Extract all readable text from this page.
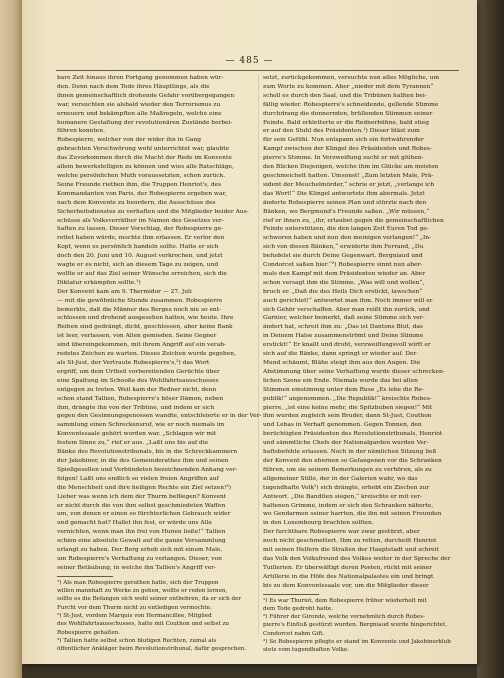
— 485 —
bare Zeit hinaus ihren Fortgang genommen haben wür-
den. Denn nach dem Tode ihres Häuptlings, als die
ihnen gemeinschaftlich drohende Gefahr vorübergegangen
war, versuchten sie alsbald wieder den Terrorismus zu
erneuern und bekämpften alle Maßregeln, welche eine
humanere Gestaltung der revolutionären Zustände herbei-
führen konnten.
Robespierre, welcher von der wider ihn in Gang
gebrachten Verschwörung wohl unterrichtet war, glaubte
das Zuvorkommen durch die Macht der Rede im Konvente
allein bewerkstelligen zu können und wies alle Ratschläge,
welche persönlichen Muth voraussetzten, schon zurück.
Seine Freunde riethen ihm, die Truppen Henriot's, des
Kommandanten von Paris, der Robespierre ergeben war,
nach dem Konvente zu beordern, die Ausschüsse des
Sicherheitsdienstes zu verhaften und die Mitglieder beider Aus-
schüsse als Volksverräther im Namen des Gesetzes ver-
haften zu lassen. Dieser Vorschlag, der Robespierre ge-
rettet haben würde, mochte ihm erlassen. Er verlor den
Kopf, wenn es persönlich handeln sollte. Hatte er sich
doch den 20. Juni und 10. August verkrochen, und jetzt
wagte er es nicht, sich an diesem Tage zu zeigen, und
wollte er auf das Ziel seiner Wünsche erreichen, sich die
Diktatur erkämpfen sollte.¹)
Der Konvent kam am 9. Thermidor — 27. Juli
— mit die gewöhnliche Stunde zusammen. Robespierre
bemerkte, daß die Männer des Berges noch nie so ent-
schlossen und drohend ausgesehen hatten, wie heute. Ihre
Reihen sind gedrängt, dicht, geschlossen, aber keine Bank
ist leer, verlassen, von Allen gemieden. Seine Gegner
sind übereingekommen, mit ihrem Angriff auf ein verab-
redetes Zeichen zu warten. Dieses Zeichen wurde gegeben,
als St-Just, der Vertraute Robespierre's,²) das Wort
ergriff, um dem Urtheil vorbereitenden Gerüchte über
eine Spaltung im Schooße des Wohlfahrtsausschusses
entgegen zu treten. Weil kam der Redner nicht, denn
schon stand Tallien, Robespierre's böser Dämon, neben
ihm, drängte ihn von der Tribüne, und indem er sich
gegen den Gesinnungsgenossen wandte, entschleierte er in der Ver-
sammlung einen Schreckensruf, wie er noch niemals im
Konventssaale gehört worden war. „Schlagen wir mit
festem Sinne zu,“ rief er aus. „Laßt uns bis auf die
Bänke des Revolutionstribunals, bis in die Schreckkammern
der Jakobiner, in die des Gemeinderathes ihm und seinen
Spießgesellen und Verbündeten bezeichnenden Anhang ver-
folgen! Laßt uns endlich so vielen freien Angriffen auf
die Menschheit und ihre heiligen Rechte ein Ziel setzen!³)
Lieber was wenn ich dem der Thurm befliegen? Konvent
er nicht durch die von ihm selbst geschmiedeten Waffen
um, von denen er einen so fürchterlichen Gebrauch wider
und gemacht hat? Hallet ihn fest, er würde uns Alle
vernichten, wenn man ihn frei von Hunen ließe!“ Tallien
schien eine absolute Gewalt auf die ganze Versammlung
erlangt zu haben. Der Berg erhob sich mit einem Male,
um Robespierre's Verhaftung zu verlangen. Dieser, von
seiner Betäubung, in welche ihn Tallien's Angriff ver-
¹) Als man Robespierre gerathen hatte, sich der Truppen
willen mannhaft zu Werke zu gehen, wollte er reden lernen,
sollte es die Befangen sich wohl seiner entbehren, da er sich der
Furcht vor dem Thurm nicht zu entledigen vermochte.
²) St-Just, vordem Marquis von Hermancillee, Mitglied
des Wohlfahrtsausschusses, hatte mit Couthon und selbst zu
Robespierre gehalten.
³) Tallien hatte selbst schon blutigen Rechten, zumal als
öffentlicher Ankläger beim Revolutionstribunal, dafür gesprochen.
setzt, zurückgekommen, versuchte nun alles Mögliche, um
zum Worte zu kommen. Aber „nieder mit dem Tyrannen“
scholl es durch den Saal, und die Tribünen hallten bei-
fällig wieder. Robespierre's schneidende, gellende Stimme
durchdrang die donnernden, brüllenden Stimmen seiner
Feinde. Bald erkletterte er die Rednerbühne, bald stieg
er auf den Stuhl des Präsidenten.¹) Dieser bläst zum
für sein Gefühl. Nun entspann sich ein fortwährender
Kampf zwischen der Klingel des Präsidenten und Robes-
pierre's Stimme. In Verzweiflung sucht er mit glühen-
den Blicken Diejenigen, welche ihm im Glücke am meisten
geschmeichelt hatten. Umsonst! „Zum letzten Male, Prä-
sident der Meuchelmörder,“ schrie er jetzt, „verlange ich
das Wort!“ Die Klingel antwortete ihm abermals. Jetzt
änderte Robespierre seinen Plan und stürzte nach den
Bänken, wo Bergmund's Freunde saßen. „Wir müssen,“
rief er ihnen zu, „ihr, erlaubet gegen die gemeinschaftlichen
Feinde unterstützen, die den langen Zeit Euren Tod ge-
schworen haben und nun den meinigen verlangen!“ „In-
sich von diesen Bänken,“ erwiderte ihm Ferrand, „Du
befudelst sie durch Deine Gegenwart. Bergniaud und
Condorcet saßen hier.“²) Robespierre sinnt nun aber-
mals den Kampf mit dem Präsidenten wieder an. Aber
schon versagt ihm die Stimme. „Was will und wollen“,
bruch er. „Daß die des Heils Dich erstickt, lawschen“
auch gerichtet!“ antwortet man ihm. Noch immer will er
sich Gehör verschaffen. Aber man reißt ihn zurück, und
Garnier, welcher bemerkt, daß seine Stimme sich ver-
ändert hat, schreit ihm zu: „Das ist Dantons Blut, das
in Deinem Halse zusammenströmt und Deine Stimme
erstickt!“ Er knallt und droht, verzweiflungsvoll wirft er
sich auf die Bänke, dann springt er wieder auf. Der
Mund schäumt, Blähe steigt ihm aus den Augen. Die
Abstimmung über seine Verhaftung wurde dieser schrecken-
lichen Szene ein Ende. Niemals wurde das bei allen
Stimmen einstimmig unter dem Ruse „Es lebe die Re-
publik!“ angenommen. „Die Republik!“ kreischte Robes-
pierre, „ist eine keine mehr, die Spitzbuben siegen!“ Mit
ihm wurden zugleich sein Bruder, dann St-Just, Couthon
und Lebas in Verhaft genommen. Gegen Tonnen, den
berüchtigten Präsidenten des Revolutionstribunals, Henriot
und sämmtliche Chefs der Nationalgarden wurden Ver-
haftsbefehle erlassen. Noch in der nämlichen Sitzung ließ
der Konvent den ehernen so Gefangenen vor die Schranken
führen, um sie seinem Bemerkungen zu verhören, als zu
allgemeiner Stille, der in der Galerien wahr, wo das
tugendhafte Volk¹) sich drängte, erhebt ein Zischen zur
Antwort. „Die Banditen siegen,“ kreischte er mit ver-
haltenen Grimme, indem er sich den Schranken näherte,
wo Gendarmen seiner harrten, die ihn mit seinen Freunden
in den Luxembourg brachten sollten.
Der furchtbare Robespierre war zwar gestürzt, aber
noch nicht geschmettert. Ihm zu retten, durcheilt Henriot
mit seinen Helfern die Straßen der Hauptstadt und schreit
das Volk den Volksfreund des Volkes weiter in der Spreche der
Tuillerien. Er überwältigt deren Posten, rückt mit seiner
Artillerie in die Höfe des Nationalpalastes ein und bringt
bis zu dem Konventssaale vor, um die Mitglieder dieser
¹) Es war Thuriot, dem Robespierre früher wiederholt mit
dem Tode gedroht hatte.
²) Führer der Gironde, welche vornehmlich durch Robes-
pierre's Einfluß gestürzt wurden. Bergniaud wurde hingerichtet,
Condorcet nahm Gift.
³) So Robespierre pflegte er stand im Konvente und Jakobinerklub
stets vom tugendhaften Volke.
